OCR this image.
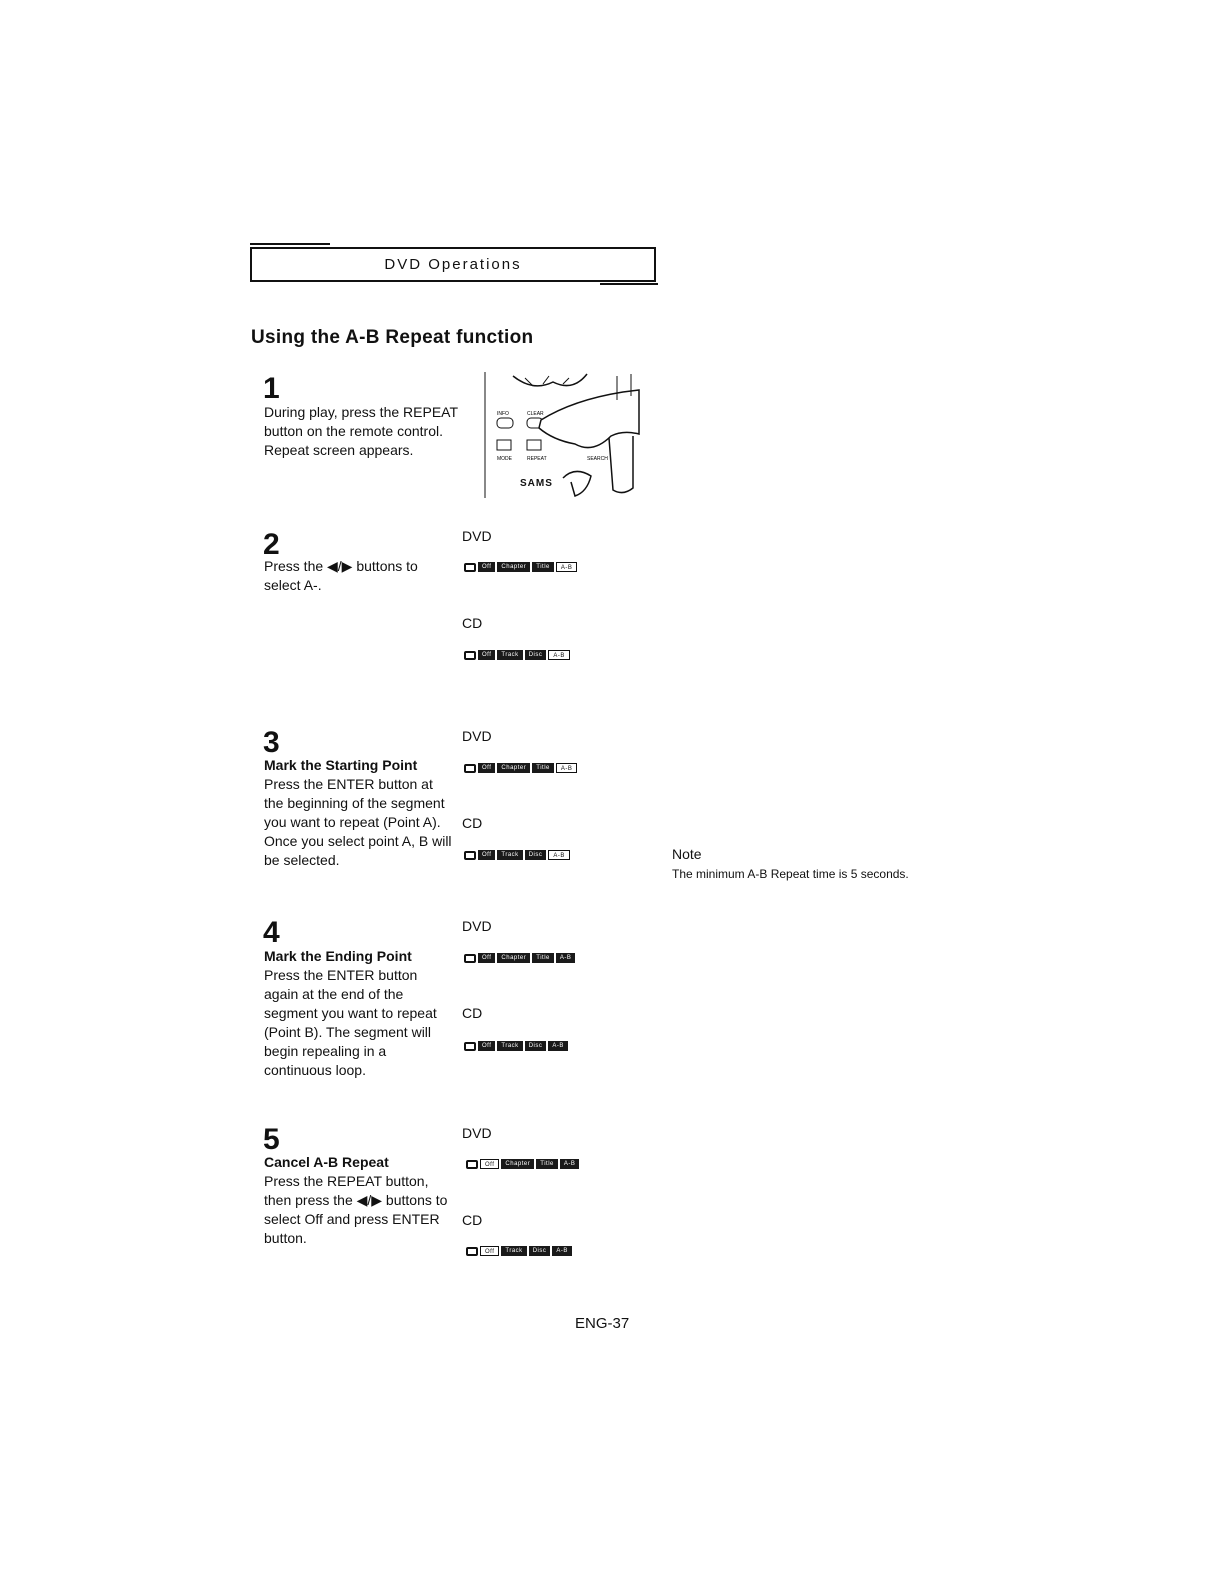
DVD Operations
Using the A-B Repeat function
1
During play, press the REPEAT button on the remote control. Repeat screen appears.
INFO	CLEAR
MODE	REPEAT	SEARCH
SAMS
2
Press the ◀/▶ buttons to select A-.
DVD
Off	Chapter	Title	A-B
CD
Off	Track	Disc	A-B
3
Mark the Starting Point
Press the ENTER button at the beginning of the segment you want to repeat (Point A). Once you select point A, B will be selected.
DVD
Off	Chapter	Title	A-B
CD
Off	Track	Disc	A-B	Note
The minimum A-B Repeat time is 5 seconds.
4
Mark the Ending Point
Press the ENTER button again at the end of the segment you want to repeat (Point B). The segment will begin repealing in a continuous loop.
DVD
Off	Chapter	Title	A-B
CD
Off	Track	Disc	A-B
5
Cancel A-B Repeat
Press the REPEAT button, then press the ◀/▶ buttons to select Off and press ENTER button.
DVD
Off	Chapter	Title	A-B
CD
Off	Track	Disc	A-B
ENG-37
